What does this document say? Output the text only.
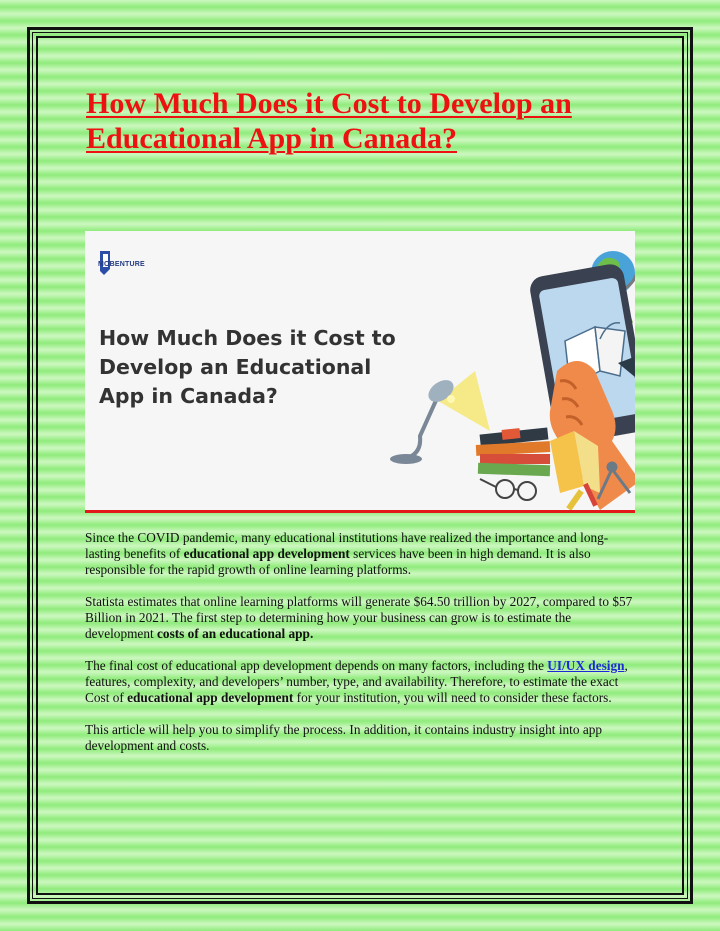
How Much Does it Cost to Develop an Educational App in Canada?
MOBENTURE
How Much Does it Cost to Develop an Educational App in Canada?

Since the COVID pandemic, many educational institutions have realized the importance and long-lasting benefits of educational app development services have been in high demand. It is also responsible for the rapid growth of online learning platforms.

Statista estimates that online learning platforms will generate $64.50 trillion by 2027, compared to $57 Billion in 2021. The first step to determining how your business can grow is to estimate the development costs of an educational app.

The final cost of educational app development depends on many factors, including the UI/UX design, features, complexity, and developers’ number, type, and availability. Therefore, to estimate the exact Cost of educational app development for your institution, you will need to consider these factors.

This article will help you to simplify the process. In addition, it contains industry insight into app development and costs.
